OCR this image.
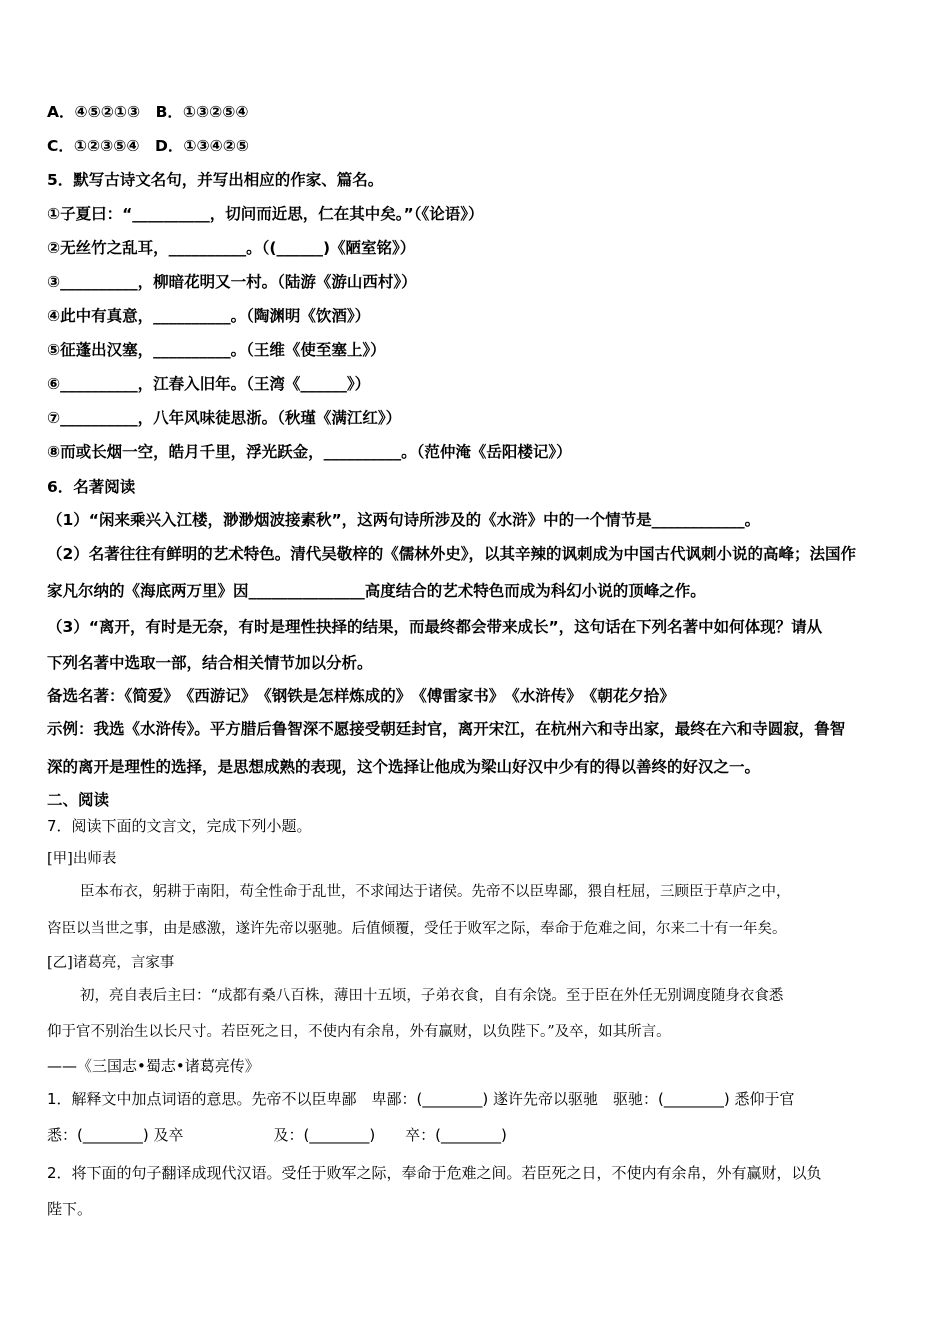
A．④⑤②①③　B．①③②⑤④
C．①②③⑤④　D．①③④②⑤
5．默写古诗文名句，并写出相应的作家、篇名。
①子夏曰：“__________，切问而近思，仁在其中矣。”（《论语》）
②无丝竹之乱耳，__________。（(______)《陋室铭》）
③__________，柳暗花明又一村。（陆游《游山西村》）
④此中有真意，__________。（陶渊明《饮酒》）
⑤征蓬出汉塞，__________。（王维《使至塞上》）
⑥__________，江春入旧年。（王湾《______》）
⑦__________，八年风味徒思浙。（秋瑾《满江红》）
⑧而或长烟一空，皓月千里，浮光跃金，__________。（范仲淹《岳阳楼记》）
6．名著阅读
（1）“闲来乘兴入江楼，渺渺烟波接素秋”，这两句诗所涉及的《水浒》中的一个情节是____________。
（2）名著往往有鲜明的艺术特色。清代吴敬梓的《儒林外史》，以其辛辣的讽刺成为中国古代讽刺小说的高峰；法国作
家凡尔纳的《海底两万里》因_______________高度结合的艺术特色而成为科幻小说的顶峰之作。
（3）“离开，有时是无奈，有时是理性抉择的结果，而最终都会带来成长”，这句话在下列名著中如何体现？请从
下列名著中选取一部，结合相关情节加以分析。
备选名著：《简爱》　《西游记》　《钢铁是怎样炼成的》　《傅雷家书》　《水浒传》　《朝花夕拾》
示例：我选《水浒传》。平方腊后鲁智深不愿接受朝廷封官，离开宋江，在杭州六和寺出家，最终在六和寺圆寂，鲁智
深的离开是理性的选择，是思想成熟的表现，这个选择让他成为梁山好汉中少有的得以善终的好汉之一。
二、阅读
7．阅读下面的文言文，完成下列小题。
[甲]出师表
臣本布衣，躬耕于南阳，苟全性命于乱世，不求闻达于诸侯。先帝不以臣卑鄙，猥自枉屈，三顾臣于草庐之中，
咨臣以当世之事，由是感激，遂许先帝以驱驰。后值倾覆，受任于败军之际，奉命于危难之间，尔来二十有一年矣。
[乙]诸葛亮，言家事
初，亮自表后主曰：“成都有桑八百株，薄田十五顷，子弟衣食，自有余饶。至于臣在外任无别调度随身衣食悉
仰于官不别治生以长尺寸。若臣死之日，不使内有余帛，外有赢财，以负陛下。”及卒，如其所言。
——《三国志•蜀志•诸葛亮传》
1．解释文中加点词语的意思。先帝不以臣卑鄙　卑鄙：(________) 遂许先帝以驱驰　驱驰：(________) 悉仰于官
悉：(________) 及卒　　　　　　及：(________)　　卒：(________)
2．将下面的句子翻译成现代汉语。受任于败军之际，奉命于危难之间。若臣死之日，不使内有余帛，外有赢财，以负
陛下。
